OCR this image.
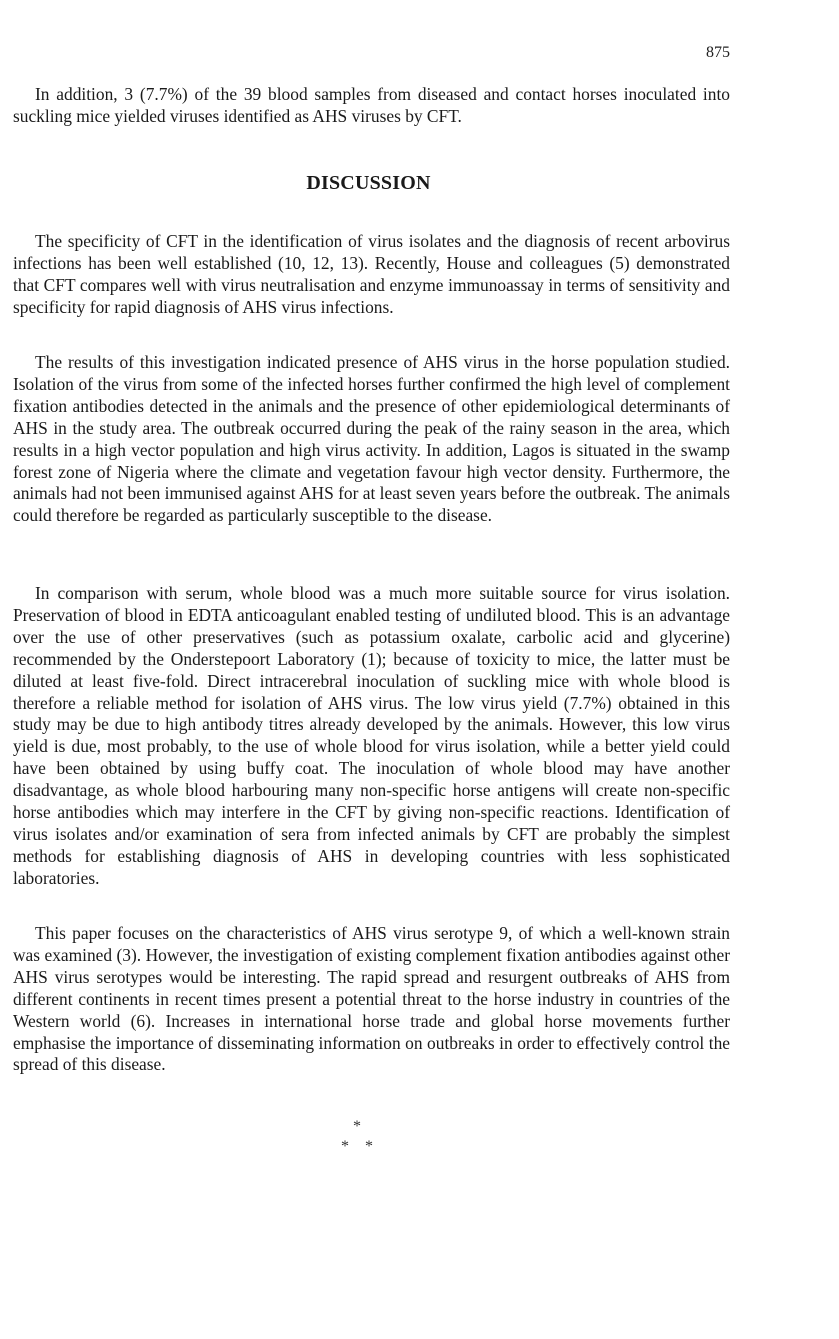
875

In addition, 3 (7.7%) of the 39 blood samples from diseased and contact horses inoculated into suckling mice yielded viruses identified as AHS viruses by CFT.

DISCUSSION

The specificity of CFT in the identification of virus isolates and the diagnosis of recent arbovirus infections has been well established (10, 12, 13). Recently, House and colleagues (5) demonstrated that CFT compares well with virus neutralisation and enzyme immunoassay in terms of sensitivity and specificity for rapid diagnosis of AHS virus infections.

The results of this investigation indicated presence of AHS virus in the horse population studied. Isolation of the virus from some of the infected horses further confirmed the high level of complement fixation antibodies detected in the animals and the presence of other epidemiological determinants of AHS in the study area. The outbreak occurred during the peak of the rainy season in the area, which results in a high vector population and high virus activity. In addition, Lagos is situated in the swamp forest zone of Nigeria where the climate and vegetation favour high vector density. Furthermore, the animals had not been immunised against AHS for at least seven years before the outbreak. The animals could therefore be regarded as particularly susceptible to the disease.

In comparison with serum, whole blood was a much more suitable source for virus isolation. Preservation of blood in EDTA anticoagulant enabled testing of undiluted blood. This is an advantage over the use of other preservatives (such as potassium oxalate, carbolic acid and glycerine) recommended by the Onderstepoort Laboratory (1); because of toxicity to mice, the latter must be diluted at least five-fold. Direct intracerebral inoculation of suckling mice with whole blood is therefore a reliable method for isolation of AHS virus. The low virus yield (7.7%) obtained in this study may be due to high antibody titres already developed by the animals. However, this low virus yield is due, most probably, to the use of whole blood for virus isolation, while a better yield could have been obtained by using buffy coat. The inoculation of whole blood may have another disadvantage, as whole blood harbouring many non-specific horse antigens will create non-specific horse antibodies which may interfere in the CFT by giving non-specific reactions. Identification of virus isolates and/or examination of sera from infected animals by CFT are probably the simplest methods for establishing diagnosis of AHS in developing countries with less sophisticated laboratories.

This paper focuses on the characteristics of AHS virus serotype 9, of which a well-known strain was examined (3). However, the investigation of existing complement fixation antibodies against other AHS virus serotypes would be interesting. The rapid spread and resurgent outbreaks of AHS from different continents in recent times present a potential threat to the horse industry in countries of the Western world (6). Increases in international horse trade and global horse movements further emphasise the importance of disseminating information on outbreaks in order to effectively control the spread of this disease.

*
* *
